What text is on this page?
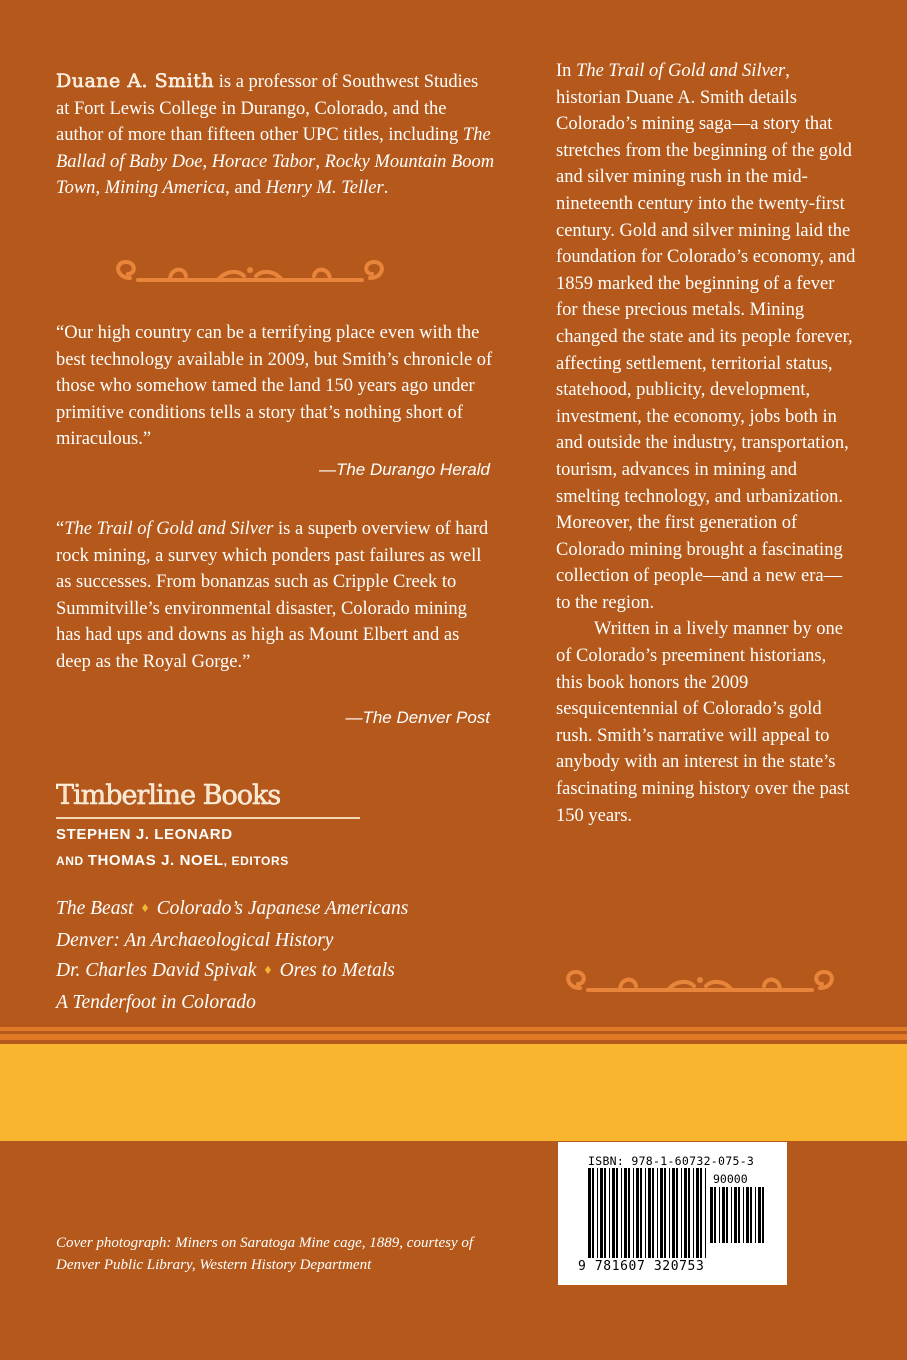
Duane A. Smith is a professor of Southwest Studies at Fort Lewis College in Durango, Colorado, and the author of more than fifteen other UPC titles, including The Ballad of Baby Doe, Horace Tabor, Rocky Mountain Boom Town, Mining America, and Henry M. Teller.
“Our high country can be a terrifying place even with the best technology available in 2009, but Smith’s chronicle of those who somehow tamed the land 150 years ago under primitive conditions tells a story that’s nothing short of miraculous.”
—The Durango Herald
“The Trail of Gold and Silver is a superb overview of hard rock mining, a survey which ponders past failures as well as successes. From bonanzas such as Cripple Creek to Summitville’s environmental disaster, Colorado mining has had ups and downs as high as Mount Elbert and as deep as the Royal Gorge.”
—The Denver Post
Timberline Books
STEPHEN J. LEONARD
AND THOMAS J. NOEL, EDITORS
The Beast ♦ Colorado’s Japanese Americans
Denver: An Archaeological History
Dr. Charles David Spivak ♦ Ores to Metals
A Tenderfoot in Colorado
In The Trail of Gold and Silver, historian Duane A. Smith details Colorado’s mining saga—a story that stretches from the beginning of the gold and silver mining rush in the mid-nineteenth century into the twenty-first century. Gold and silver mining laid the foundation for Colorado’s economy, and 1859 marked the beginning of a fever for these precious metals. Mining changed the state and its people forever, affecting settlement, territorial status, statehood, publicity, development, investment, the economy, jobs both in and outside the industry, transportation, tourism, advances in mining and smelting technology, and urbanization. Moreover, the first generation of Colorado mining brought a fascinating collection of people—and a new era—to the region.
Written in a lively manner by one of Colorado’s preeminent historians, this book honors the 2009 sesquicentennial of Colorado’s gold rush. Smith’s narrative will appeal to anybody with an interest in the state’s fascinating mining history over the past 150 years.
Cover photograph: Miners on Saratoga Mine cage, 1889, courtesy of Denver Public Library, Western History Department
ISBN: 978-1-60732-075-3
90000
9 781607 320753
